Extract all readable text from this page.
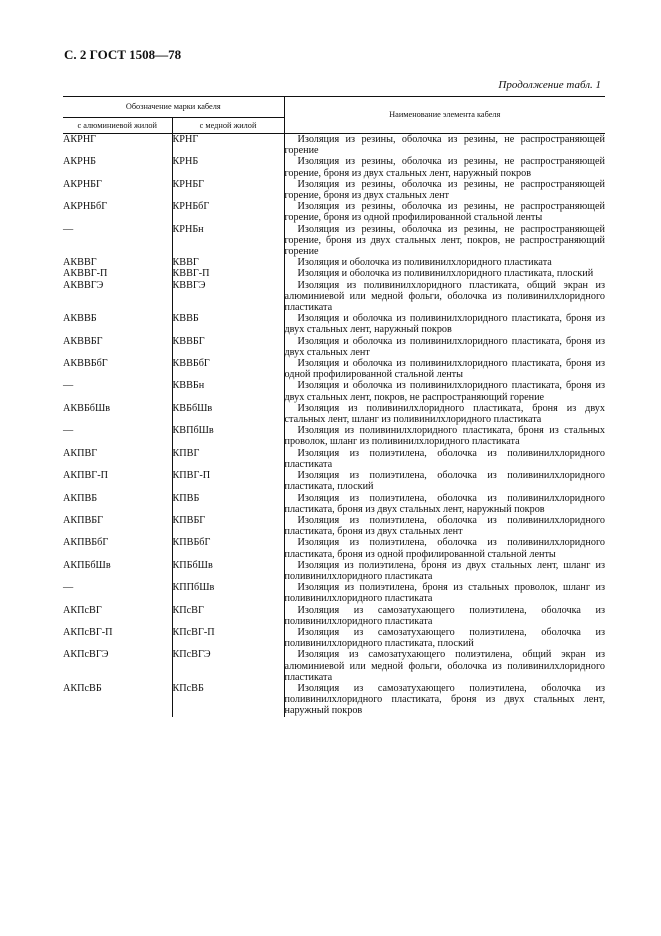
С. 2 ГОСТ 1508—78
Продолжение табл. 1
Обозначение марки кабеля		Наименование элемента кабеля
с алюминиевой жилой	с медной жилой	
АКРНГ	КРНГ	Изоляция из резины, оболочка из резины, не распространяющей горение
АКРНБ	КРНБ	Изоляция из резины, оболочка из резины, не распространяющей горение, броня из двух стальных лент, наружный покров
АКРНБГ	КРНБГ	Изоляция из резины, оболочка из резины, не распространяющей горение, броня из двух стальных лент
АКРНБбГ	КРНБбГ	Изоляция из резины, оболочка из резины, не распространяющей горение, броня из одной профилированной стальной ленты
—	КРНБн	Изоляция из резины, оболочка из резины, не распространяющей горение, броня из двух стальных лент, покров, не распространяющий горение
АКВВГ	КВВГ	Изоляция и оболочка из поливинилхлоридного пластиката
АКВВГ-П	КВВГ-П	Изоляция и оболочка из поливинилхлоридного пластиката, плоский
АКВВГЭ	КВВГЭ	Изоляция из поливинилхлоридного пластиката, общий экран из алюминиевой или медной фольги, оболочка из поливинилхлоридного пластиката
АКВВБ	КВВБ	Изоляция и оболочка из поливинилхлоридного пластиката, броня из двух стальных лент, наружный покров
АКВВБГ	КВВБГ	Изоляция и оболочка из поливинилхлоридного пластиката, броня из двух стальных лент
АКВВБбГ	КВВБбГ	Изоляция и оболочка из поливинилхлоридного пластиката, броня из одной профилированной стальной ленты
—	КВВБн	Изоляция и оболочка из поливинилхлоридного пластиката, броня из двух стальных лент, покров, не распространяющий горение
АКВБбШв	КВБбШв	Изоляция из поливинилхлоридного пластиката, броня из двух стальных лент, шланг из поливинилхлоридного пластиката
—	КВПбШв	Изоляция из поливинилхлоридного пластиката, броня из стальных проволок, шланг из поливинилхлоридного пластиката
АКПВГ	КПВГ	Изоляция из полиэтилена, оболочка из поливинилхлоридного пластиката
АКПВГ-П	КПВГ-П	Изоляция из полиэтилена, оболочка из поливинилхлоридного пластиката, плоский
АКПВБ	КПВБ	Изоляция из полиэтилена, оболочка из поливинилхлоридного пластиката, броня из двух стальных лент, наружный покров
АКПВБГ	КПВБГ	Изоляция из полиэтилена, оболочка из поливинилхлоридного пластиката, броня из двух стальных лент
АКПВБбГ	КПВБбГ	Изоляция из полиэтилена, оболочка из поливинилхлоридного пластиката, броня из одной профилированной стальной ленты
АКПБбШв	КПБбШв	Изоляция из полиэтилена, броня из двух стальных лент, шланг из поливинилхлоридного пластиката
—	КППбШв	Изоляция из полиэтилена, броня из стальных проволок, шланг из поливинилхлоридного пластиката
АКПсВГ	КПсВГ	Изоляция из самозатухающего полиэтилена, оболочка из поливинилхлоридного пластиката
АКПсВГ-П	КПсВГ-П	Изоляция из самозатухающего полиэтилена, оболочка из поливинилхлоридного пластиката, плоский
АКПсВГЭ	КПсВГЭ	Изоляция из самозатухающего полиэтилена, общий экран из алюминиевой или медной фольги, оболочка из поливинилхлоридного пластиката
АКПсВБ	КПсВБ	Изоляция из самозатухающего полиэтилена, оболочка из поливинилхлоридного пластиката, броня из двух стальных лент, наружный покров
